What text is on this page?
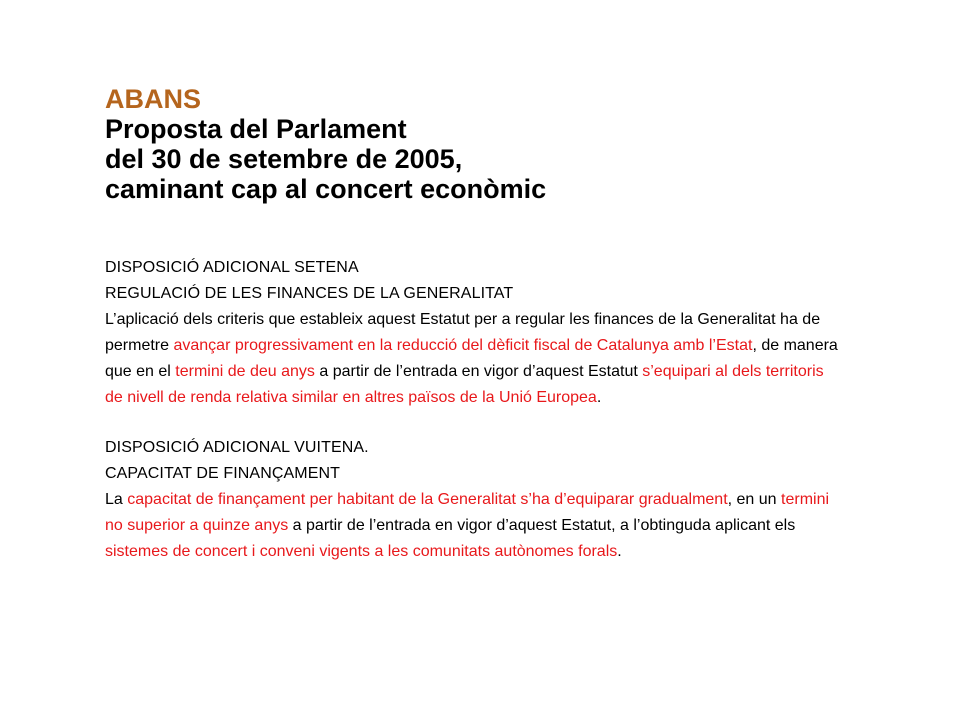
ABANS
Proposta del Parlament
del 30 de setembre de 2005,
caminant cap al concert econòmic
DISPOSICIÓ ADICIONAL SETENA
REGULACIÓ DE LES FINANCES DE LA GENERALITAT
L’aplicació dels criteris que estableix aquest Estatut per a regular les finances de la Generalitat ha de permetre avançar progressivament en la reducció del dèficit fiscal de Catalunya amb l’Estat, de manera que en el termini de deu anys a partir de l’entrada en vigor d’aquest Estatut s’equipari al dels territoris de nivell de renda relativa similar en altres països de la Unió Europea.
DISPOSICIÓ ADICIONAL VUITENA.
CAPACITAT DE FINANÇAMENT
La capacitat de finançament per habitant de la Generalitat s’ha d’equiparar gradualment, en un termini no superior a quinze anys a partir de l’entrada en vigor d’aquest Estatut, a l’obtinguda aplicant els sistemes de concert i conveni vigents a les comunitats autònomes forals.
